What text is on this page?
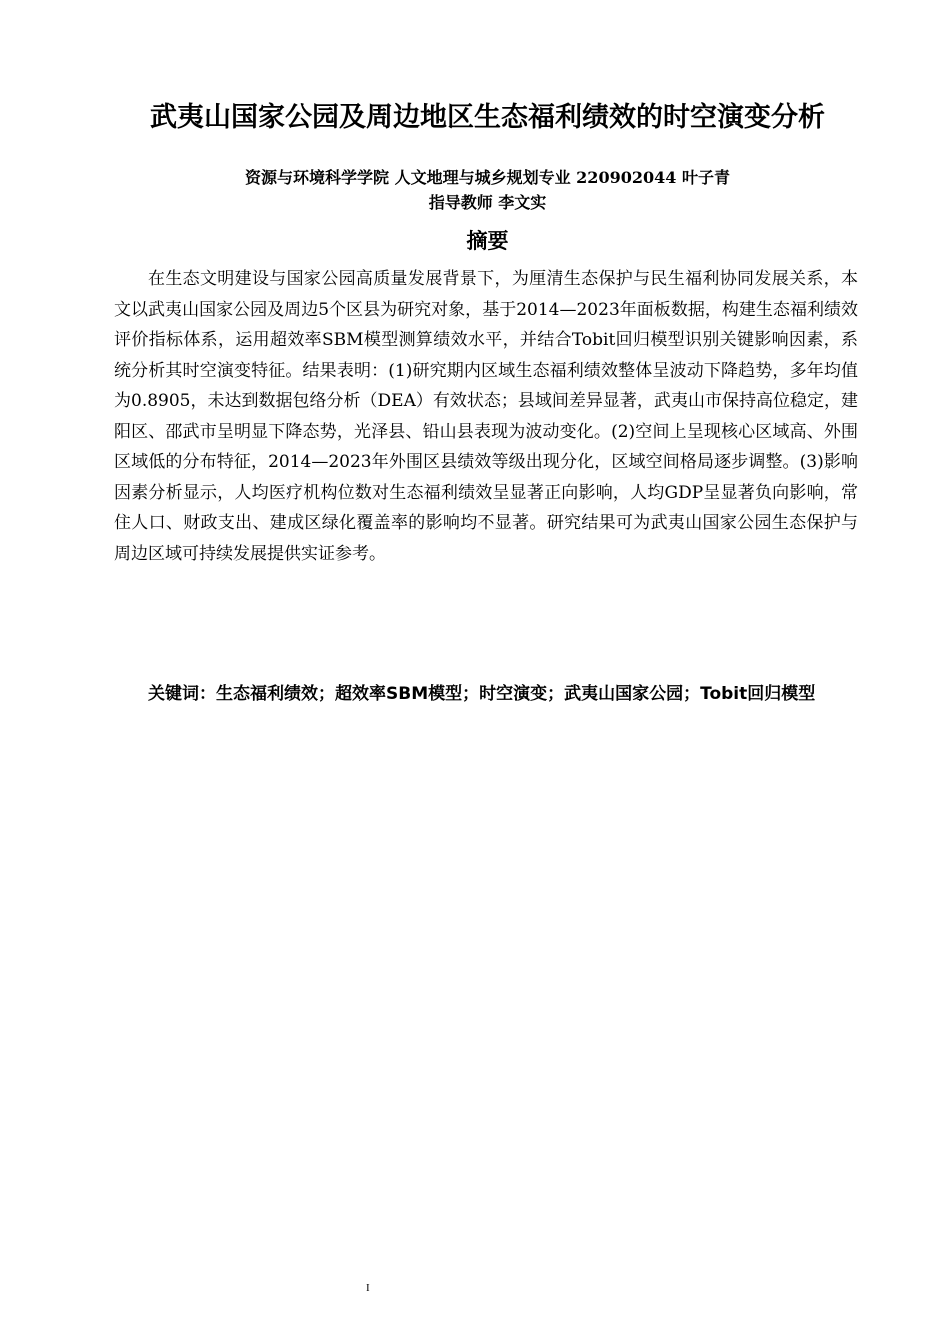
武夷山国家公园及周边地区生态福利绩效的时空演变分析
资源与环境科学学院 人文地理与城乡规划专业 220902044 叶子青
指导教师 李文实
摘要

在生态文明建设与国家公园高质量发展背景下，为厘清生态保护与民生福利协同发展关系，本文以武夷山国家公园及周边5个区县为研究对象，基于2014—2023年面板数据，构建生态福利绩效评价指标体系，运用超效率SBM模型测算绩效水平，并结合Tobit回归模型识别关键影响因素，系统分析其时空演变特征。结果表明：(1)研究期内区域生态福利绩效整体呈波动下降趋势，多年均值为0.8905，未达到数据包络分析（DEA）有效状态；县域间差异显著，武夷山市保持高位稳定，建阳区、邵武市呈明显下降态势，光泽县、铅山县表现为波动变化。(2)空间上呈现核心区域高、外围区域低的分布特征，2014—2023年外围区县绩效等级出现分化，区域空间格局逐步调整。(3)影响因素分析显示，人均医疗机构位数对生态福利绩效呈显著正向影响，人均GDP呈显著负向影响，常住人口、财政支出、建成区绿化覆盖率的影响均不显著。研究结果可为武夷山国家公园生态保护与周边区域可持续发展提供实证参考。

关键词：生态福利绩效；超效率SBM模型；时空演变；武夷山国家公园；Tobit回归模型

I
